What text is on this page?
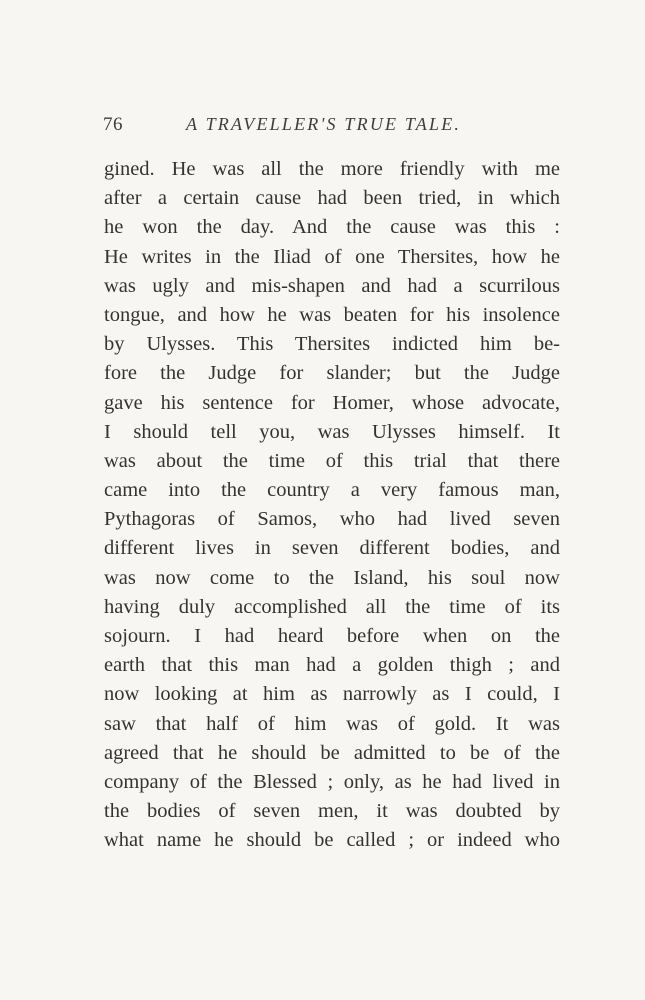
76	A TRAVELLER'S TRUE TALE.
gined. He was all the more friendly with me
after a certain cause had been tried, in which
he won the day. And the cause was this :
He writes in the Iliad of one Thersites, how he
was ugly and mis-shapen and had a scurrilous
tongue, and how he was beaten for his insolence
by Ulysses. This Thersites indicted him be-
fore the Judge for slander; but the Judge
gave his sentence for Homer, whose advocate,
I should tell you, was Ulysses himself. It
was about the time of this trial that there
came into the country a very famous man,
Pythagoras of Samos, who had lived seven
different lives in seven different bodies, and
was now come to the Island, his soul now
having duly accomplished all the time of its
sojourn. I had heard before when on the
earth that this man had a golden thigh ; and
now looking at him as narrowly as I could, I
saw that half of him was of gold. It was
agreed that he should be admitted to be of the
company of the Blessed ; only, as he had lived in
the bodies of seven men, it was doubted by
what name he should be called ; or indeed who
